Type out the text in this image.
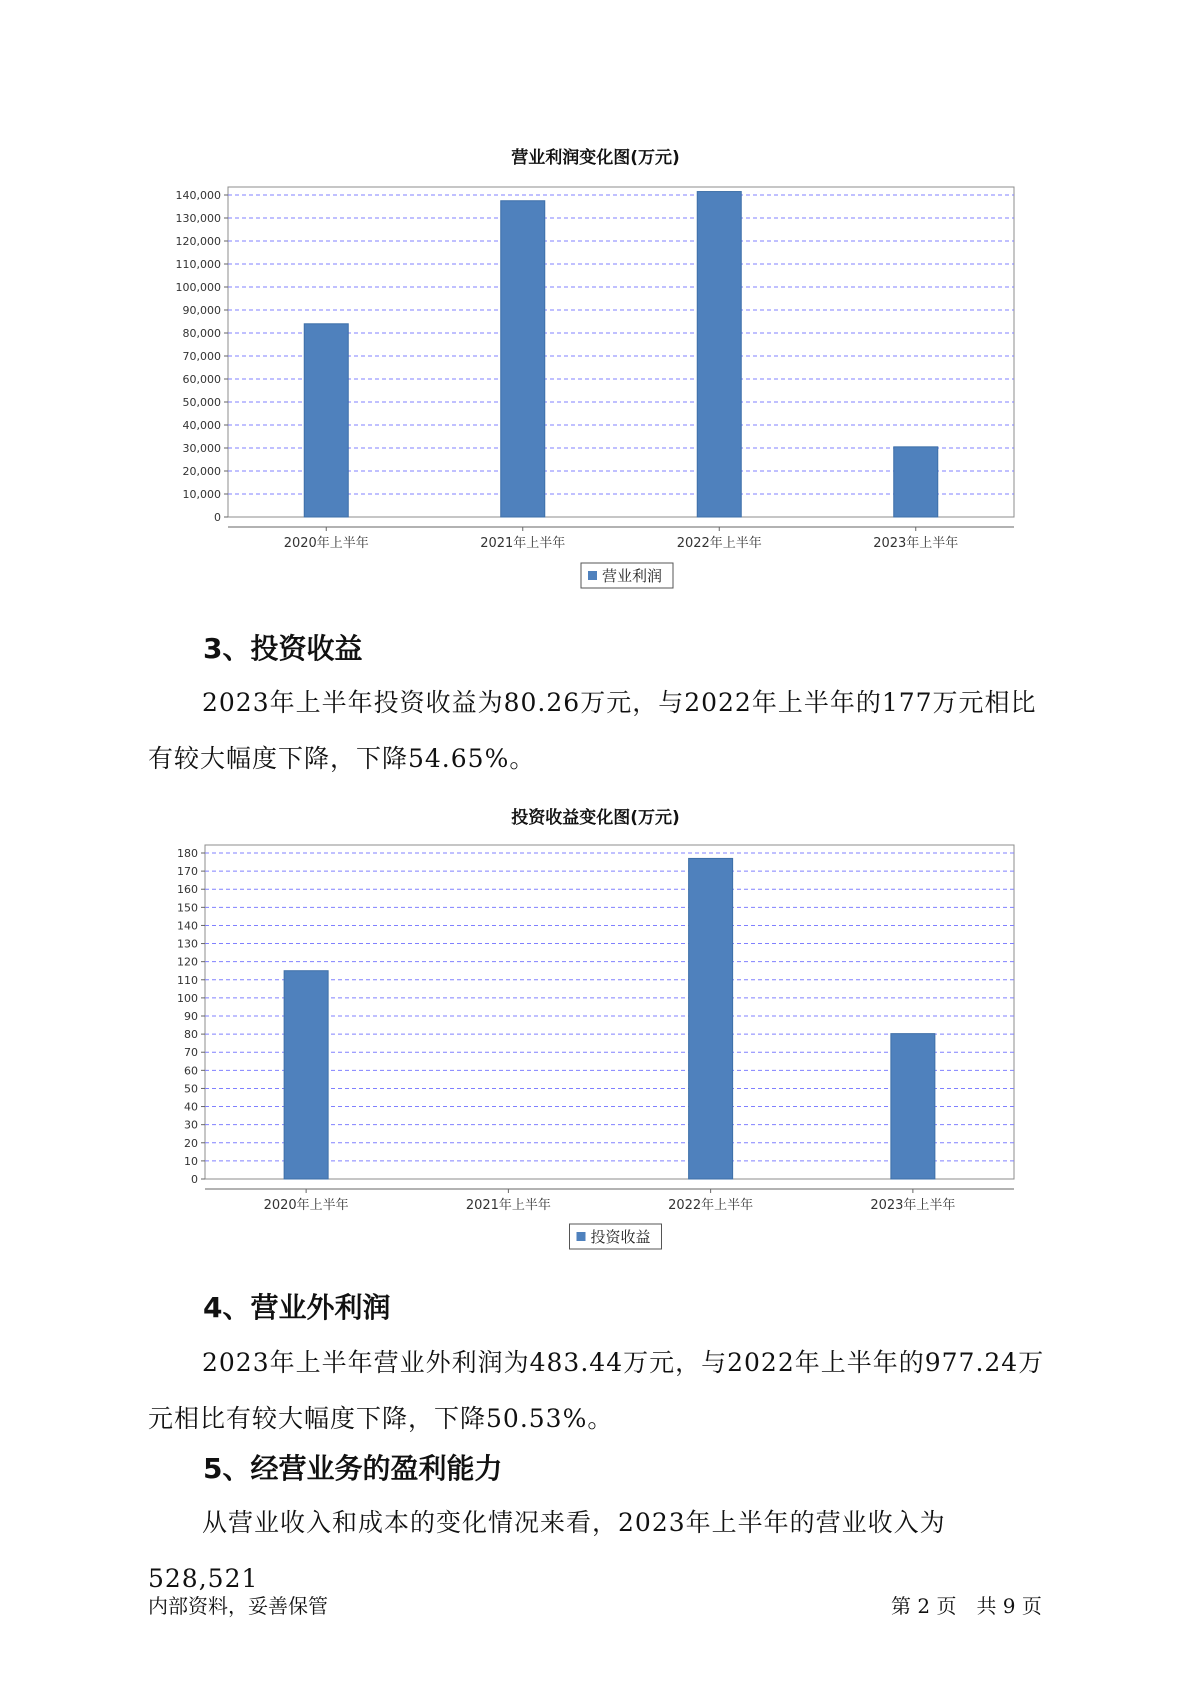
营业利润变化图(万元)
0
10,000
20,000
30,000
40,000
50,000
60,000
70,000
80,000
90,000
100,000
110,000
120,000
130,000
140,000
2020年上半年	2021年上半年	2022年上半年	2023年上半年
营业利润
3、投资收益

2023年上半年投资收益为80.26万元，与2022年上半年的177万元相比有较大幅度下降，下降54.65%。

投资收益变化图(万元)
0
10
20
30
40
50
60
70
80
90
100
110
120
130
140
150
160
170
180
2020年上半年	2021年上半年	2022年上半年	2023年上半年
投资收益
4、营业外利润

2023年上半年营业外利润为483.44万元，与2022年上半年的977.24万元相比有较大幅度下降，下降50.53%。

5、经营业务的盈利能力

从营业收入和成本的变化情况来看，2023年上半年的营业收入为528,521

内部资料，妥善保管	第 2 页　共 9 页
